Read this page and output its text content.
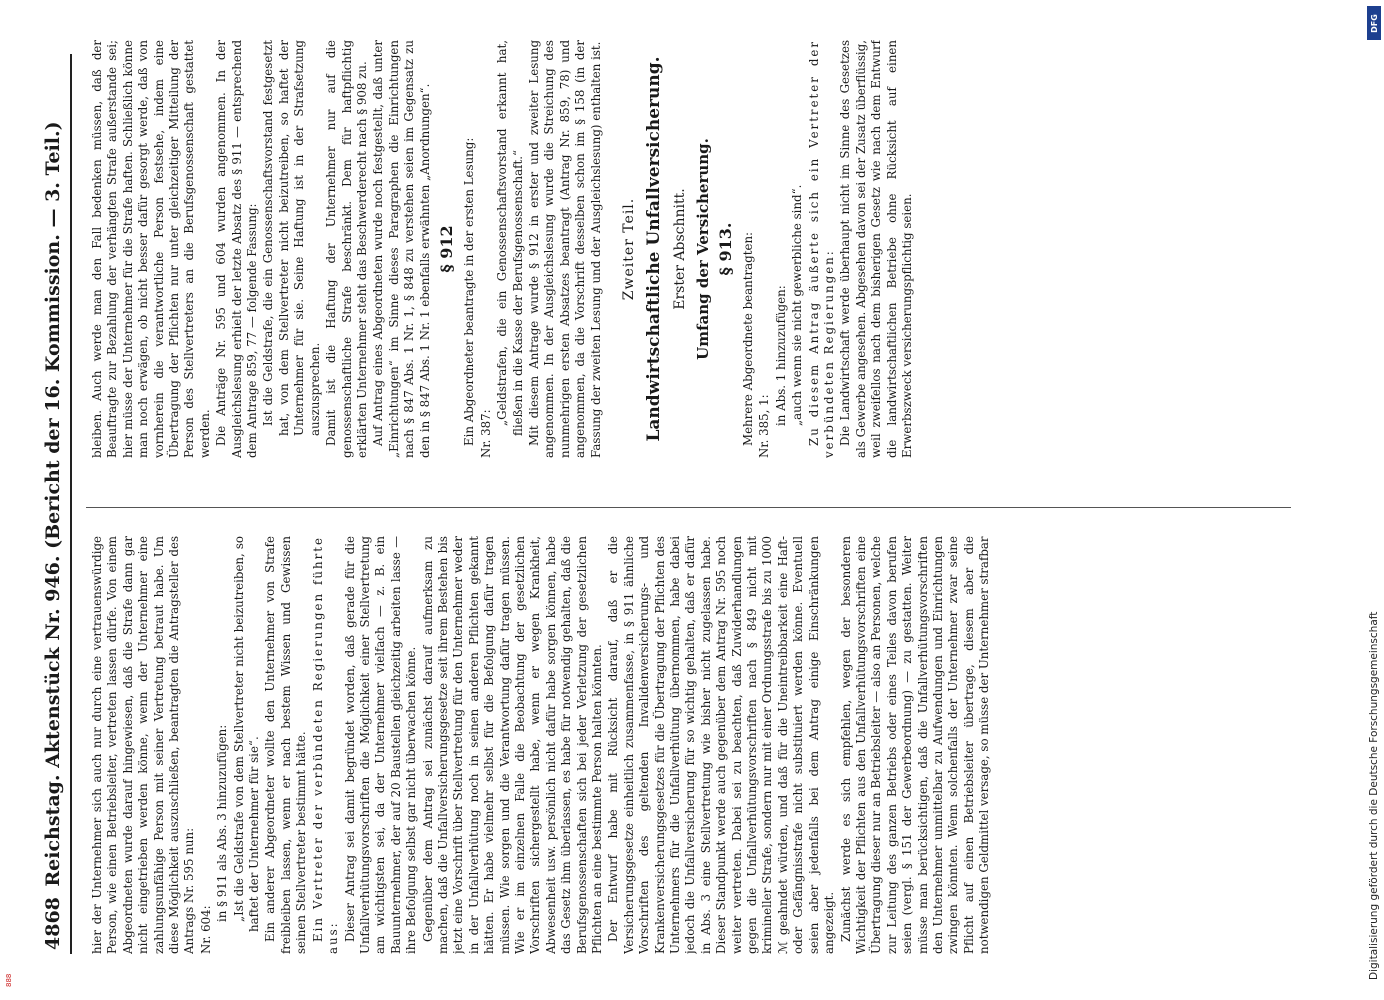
4868
Reichstag. Aktenstück Nr. 946. (Bericht der 16. Kommission. — 3. Teil.) hier der Unternehmer sich auch nur durch eine vertrauenswürdige Person, wie einen Betriebsleiter, vertreten lassen dürfe. Von einem Abgeordneten wurde darauf hingewiesen, daß die Strafe dann gar nicht eingetrieben werden könne, wenn der Unternehmer eine zahlungsunfähige Person mit seiner Vertretung betraut habe. Um diese Möglichkeit auszuschließen, beantragten die Antragsteller des Antrags Nr. 595 nun: Nr. 604:

in § 911 als Abs. 3 hinzuzufügen: „Ist die Geldstrafe von dem Stellvertreter nicht beizutreiben, so haftet der Unternehmer für sie“. Ein anderer Abgeordneter wollte den Unternehmer von Strafe freibleiben lassen, wenn er nach bestem Wissen und Gewissen seinen Stellvertreter bestimmt hätte. Ein Vertreter der verbündeten Regierungen führte aus: Dieser Antrag sei damit begründet worden, daß gerade für die Unfallverhütungsvorschriften die Möglichkeit einer Stellvertretung am wichtigsten sei, da der Unternehmer vielfach — z. B. ein Bauunternehmer, der auf 20 Baustellen gleichzeitig arbeiten lasse — ihre Befolgung selbst gar nicht überwachen könne. Gegenüber dem Antrag sei zunächst darauf aufmerksam zu machen, daß die Unfallversicherungsgesetze seit ihrem Bestehen bis jetzt eine Vorschrift über Stellvertretung für den Unternehmer weder in der Unfallverhütung noch in seinen anderen Pflichten gekannt hätten. Er habe vielmehr selbst für die Befolgung dafür tragen müssen. Wie sorgen und die Verantwortung dafür tragen müssen. Wie er im einzelnen Falle die Beobachtung der gesetzlichen Vorschriften sichergestellt habe, wenn er wegen Krankheit, Abwesenheit usw. persönlich nicht dafür habe sorgen können, habe das Gesetz ihm überlassen, es habe für notwendig gehalten, daß die Berufsgenossenschaften sich bei jeder Verletzung der gesetzlichen Pflichten an eine bestimmte Person halten könnten. Der Entwurf habe mit Rücksicht darauf, daß er die Versicherungsgesetze einheitlich zusammenfasse, in § 911 ähnliche Vorschriften des geltenden Invalidenversicherungs- und Krankenversicherungsgesetzes für die Übertragung der Pflichten des Unternehmers für die Unfallverhütung übernommen, habe dabei jedoch die Unfallversicherung für so wichtig gehalten, daß er dafür in Abs. 3 eine Stellvertretung wie bisher nicht zugelassen habe. Dieser Standpunkt werde auch gegenüber dem Antrag Nr. 595 noch weiter vertreten. Dabei sei zu beachten, daß Zuwiderhandlungen gegen die Unfallverhütungsvorschriften nach § 849 nicht mit krimineller Strafe, sondern nur mit einer Ordnungsstrafe bis zu 1000 ℳ geahndet würden, und daß für die Uneintreibbarkeit eine Haft- oder Gefängnisstrafe nicht substituiert werden könne. Eventuell seien aber jedenfalls bei dem Antrag einige Einschränkungen angezeigt. Zunächst werde es sich empfehlen, wegen der besonderen Wichtigkeit der Pflichten aus den Unfallverhütungsvorschriften eine Übertragung dieser nur an Betriebsleiter — also an Personen, welche zur Leitung des ganzen Betriebs oder eines Teiles davon berufen seien (vergl. § 151 der Gewerbeordnung) — zu gestatten. Weiter müsse man berücksichtigen, daß die Unfallverhütungsvorschriften den Unternehmer unmittelbar zu Aufwendungen und Einrichtungen zwingen könnten. Wenn solchenfalls der Unternehmer zwar seine Pflicht auf einen Betriebsleiter übertrage, diesem aber die notwendigen Geldmittel versage, so müsse der Unternehmer strafbar

bleiben. Auch werde man den Fall bedenken müssen, daß der Beauftragte zur Bezahlung der verhängten Strafe außerstande sei; hier müsse der Unternehmer für die Strafe haften. Schließlich könne man noch erwägen, ob nicht besser dafür gesorgt werde, daß von vornherein die verantwortliche Person festsehe, indem eine Übertragung der Pflichten nur unter gleichzeitiger Mitteilung der Person des Stellvertreters an die Berufsgenossenschaft gestattet werden. Die Anträge Nr. 595 und 604 wurden angenommen. In der Ausgleichslesung erhielt der letzte Absatz des § 911 — entsprechend dem Antrage 859, 77 — folgende Fassung: Ist die Geldstrafe, die ein Genossenschaftsvorstand festgesetzt hat, von dem Stellvertreter nicht beizutreiben, so haftet der Unternehmer für sie. Seine Haftung ist in der Strafsetzung auszusprechen. Damit ist die Haftung der Unternehmer nur auf die genossenschaftliche Strafe beschränkt. Dem für haftpflichtig erklärten Unternehmer steht das Beschwerderecht nach § 908 zu. Auf Antrag eines Abgeordneten wurde noch festgestellt, daß unter „Einrichtungen“ im Sinne dieses Paragraphen die Einrichtungen nach § 847 Abs. 1 Nr. 1, § 848 zu verstehen seien im Gegensatz zu den in § 847 Abs. 1 Nr. 1 ebenfalls erwähnten „Anordnungen“. § 912 Ein Abgeordneter beantragte in der ersten Lesung: Nr. 387:

„Geldstrafen, die ein Genossenschaftsvorstand erkannt hat, fließen in die Kasse der Berufsgenossenschaft.“ Mit diesem Antrage wurde § 912 in erster und zweiter Lesung angenommen. In der Ausgleichslesung wurde die Streichung des nunmehrigen ersten Absatzes beantragt (Antrag Nr. 859, 78) und angenommen, da die Vorschrift desselben schon im § 158 (in der Fassung der zweiten Lesung und der Ausgleichslesung) enthalten ist. Zweiter Teil. Landwirtschaftliche Unfallversicherung. Erster Abschnitt. Umfang der Versicherung. § 913. Mehrere Abgeordnete beantragten: Nr. 385, 1:

in Abs. 1 hinzuzufügen: „auch wenn sie nicht gewerbliche sind“. Zu diesem Antrag äußerte sich ein Vertreter der verbündeten Regierungen: Die Landwirtschaft werde überhaupt nicht im Sinne des Gesetzes als Gewerbe angesehen. Abgesehen davon sei der Zusatz überflüssig, weil zweifellos nach dem bisherigen Gesetz wie nach dem Entwurf die landwirtschaftlichen Betriebe ohne Rücksicht auf einen Erwerbszweck versicherungspflichtig seien.

DFG
Digitalisierung gefördert durch die Deutsche Forschungsgemeinschaft
888
